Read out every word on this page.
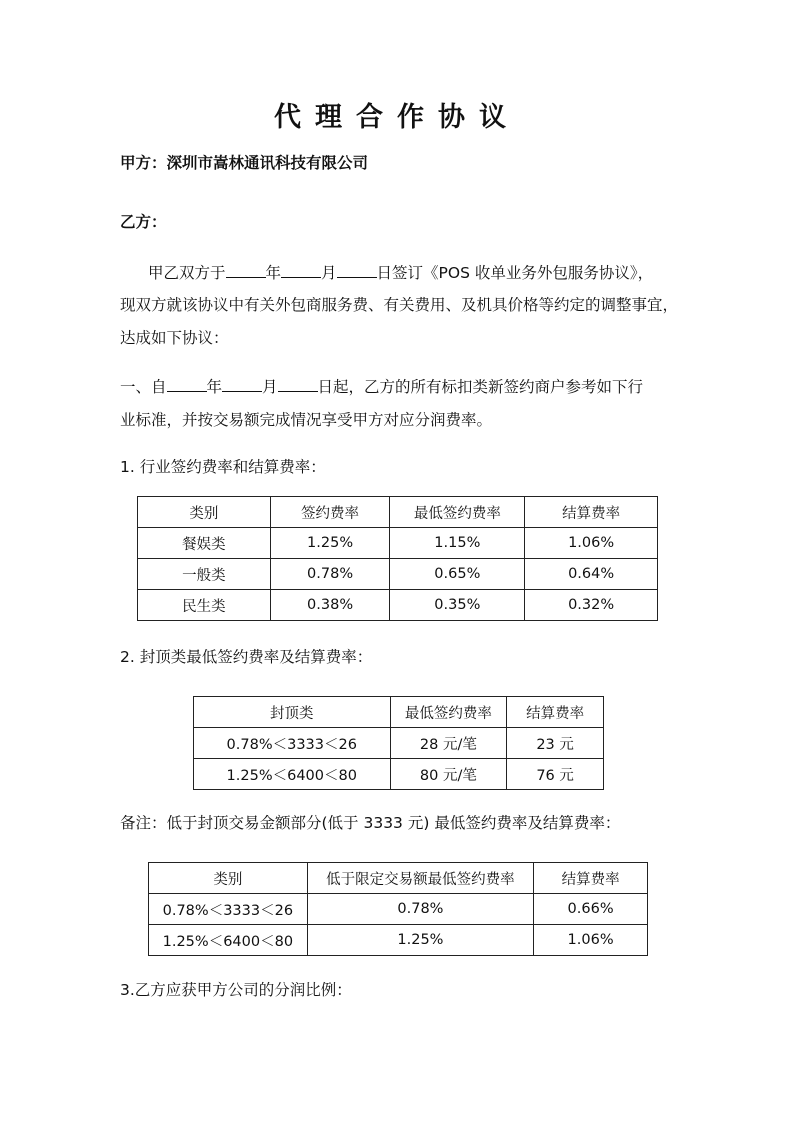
代理合作协议
甲方：深圳市嵩林通讯科技有限公司
乙方：
甲乙双方于	年	月	日签订《POS 收单业务外包服务协议》，
现双方就该协议中有关外包商服务费、有关费用、及机具价格等约定的调整事宜，
达成如下协议：
一、自	年	月	日起，乙方的所有标扣类新签约商户参考如下行
业标准，并按交易额完成情况享受甲方对应分润费率。
1. 行业签约费率和结算费率：
类别	签约费率	最低签约费率	结算费率
餐娱类	1.25%	1.15%	1.06%
一般类	0.78%	0.65%	0.64%
民生类	0.38%	0.35%	0.32%
2. 封顶类最低签约费率及结算费率：
封顶类	最低签约费率	结算费率
0.78%＜3333＜26	28 元/笔	23 元
1.25%＜6400＜80	80 元/笔	76 元
备注：低于封顶交易金额部分(低于 3333 元) 最低签约费率及结算费率：
类别	低于限定交易额最低签约费率	结算费率
0.78%＜3333＜26	0.78%	0.66%
1.25%＜6400＜80	1.25%	1.06%
3.乙方应获甲方公司的分润比例：
